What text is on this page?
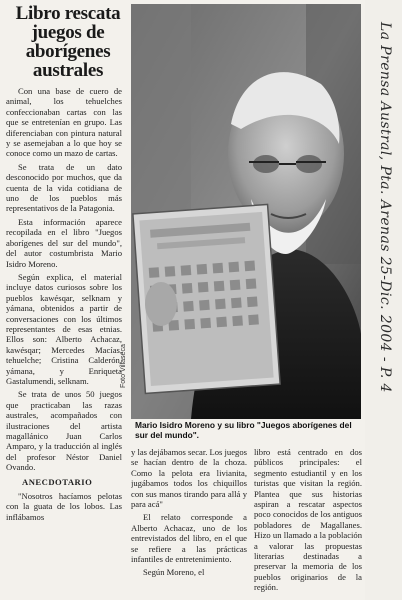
Libro rescata juegos de aborígenes australes

Con una base de cuero de animal, los tehuelches confeccionaban cartas con las que se entretenían en grupo. Las diferenciaban con pintura natural y se asemejaban a lo que hoy se conoce como un mazo de cartas.

Se trata de un dato desconocido por muchos, que da cuenta de la vida cotidiana de uno de los pueblos más representativos de la Patagonia.

Esta información aparece recopilada en el libro "Juegos aborígenes del sur del mundo", del autor costumbrista Mario Isidro Moreno.

Según explica, el material incluye datos curiosos sobre los pueblos kawésqar, selknam y yámana, obtenidos a partir de conversaciones con los últimos representantes de esas etnias. Ellos son: Alberto Achacaz, kawésqar; Mercedes Macías, tehuelche; Cristina Calderón, yámana, y Enriqueta Gastalumendi, selknam.

Se trata de unos 50 juegos que practicaban las razas australes, acompañados con ilustraciones del artista magallánico Juan Carlos Amparo, y la traducción al inglés del profesor Néstor Daniel Ovando.

ANECDOTARIO

"Nosotros hacíamos pelotas con la guata de los lobos. Las inflábamos

Foto Villaseca
Mario Isidro Moreno y su libro "Juegos aborígenes del sur del mundo".

y las dejábamos secar. Los juegos se hacían dentro de la choza. Como la pelota era livianita, jugábamos todos los chiquillos con sus manos tirando para allá y para acá"

El relato corresponde a Alberto Achacaz, uno de los entrevistados del libro, en el que se refiere a las prácticas infantiles de entretenimiento.

Según Moreno, el

libro está centrado en dos públicos principales: el segmento estudiantil y en los turistas que visitan la región. Plantea que sus historias aspiran a rescatar aspectos poco conocidos de los antiguos pobladores de Magallanes. Hizo un llamado a la población a valorar las propuestas literarias destinadas a preservar la memoria de los pueblos originarios de la región.

La Prensa Austral, Pta. Arenas 25-Dic. 2004 - P. 4
